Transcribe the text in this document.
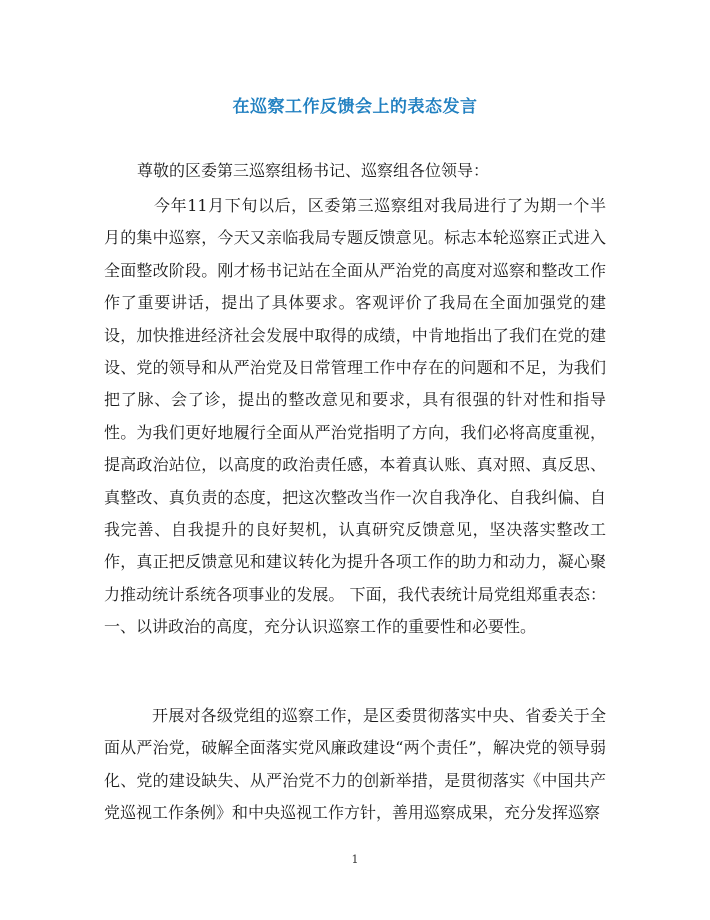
在巡察工作反馈会上的表态发言
尊敬的区委第三巡察组杨书记、巡察组各位领导：
今年11月下旬以后，区委第三巡察组对我局进行了为期一个半月的集中巡察，今天又亲临我局专题反馈意见。标志本轮巡察正式进入全面整改阶段。刚才杨书记站在全面从严治党的高度对巡察和整改工作作了重要讲话，提出了具体要求。客观评价了我局在全面加强党的建设，加快推进经济社会发展中取得的成绩，中肯地指出了我们在党的建设、党的领导和从严治党及日常管理工作中存在的问题和不足，为我们把了脉、会了诊，提出的整改意见和要求，具有很强的针对性和指导性。为我们更好地履行全面从严治党指明了方向，我们必将高度重视，提高政治站位，以高度的政治责任感，本着真认账、真对照、真反思、真整改、真负责的态度，把这次整改当作一次自我净化、自我纠偏、自我完善、自我提升的良好契机，认真研究反馈意见，坚决落实整改工作，真正把反馈意见和建议转化为提升各项工作的助力和动力，凝心聚力推动统计系统各项事业的发展。 下面，我代表统计局党组郑重表态：一、以讲政治的高度，充分认识巡察工作的重要性和必要性。
开展对各级党组的巡察工作，是区委贯彻落实中央、省委关于全面从严治党，破解全面落实党风廉政建设“两个责任”，解决党的领导弱化、党的建设缺失、从严治党不力的创新举措，是贯彻落实《中国共产党巡视工作条例》和中央巡视工作方针，善用巡察成果，充分发挥巡察
1
